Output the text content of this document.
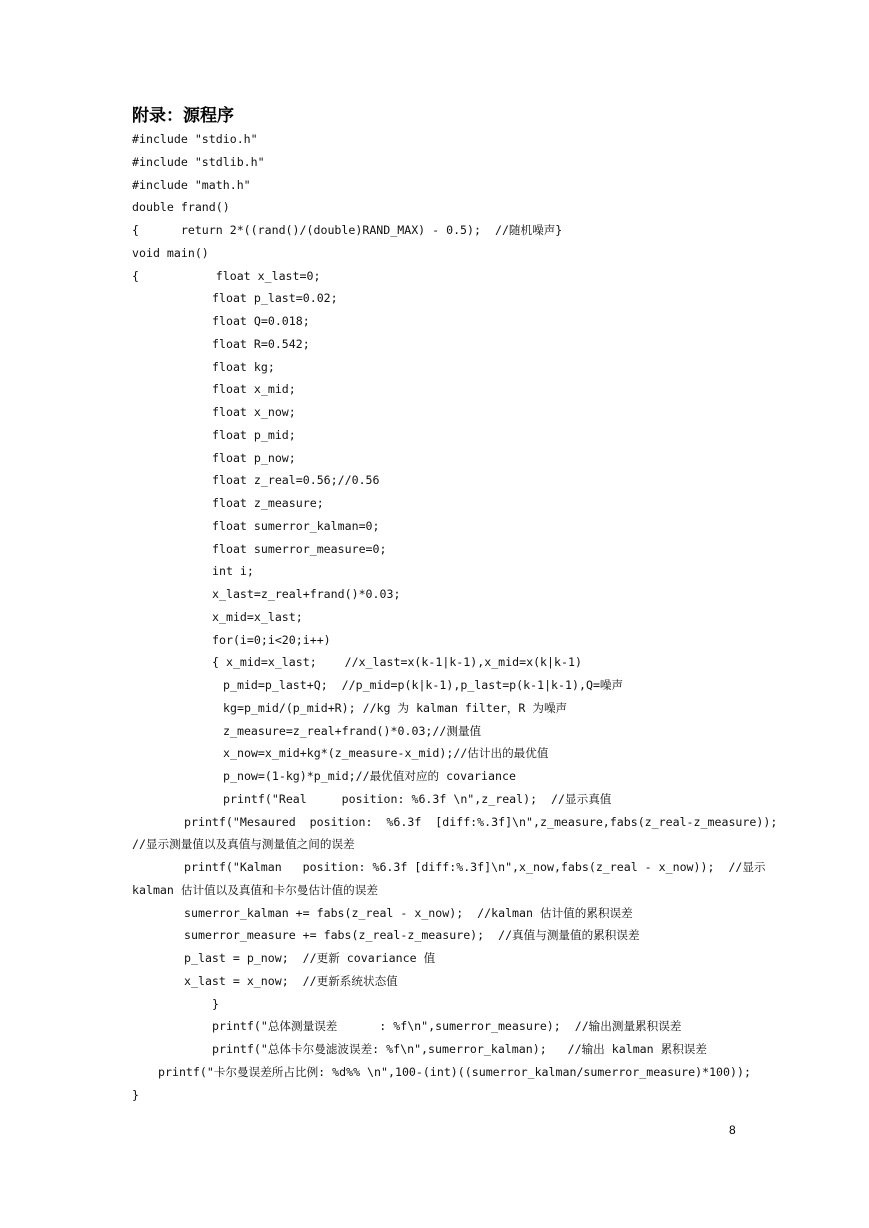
附录：源程序
#include "stdio.h"
#include "stdlib.h"
#include "math.h"
double frand()
{      return 2*((rand()/(double)RAND_MAX) - 0.5);  //随机噪声}
void main()
{           float x_last=0;
float p_last=0.02;
float Q=0.018;
float R=0.542;
float kg;
float x_mid;
float x_now;
float p_mid;
float p_now;
float z_real=0.56;//0.56
float z_measure;
float sumerror_kalman=0;
float sumerror_measure=0;
int i;
x_last=z_real+frand()*0.03;
x_mid=x_last;
for(i=0;i<20;i++)
{ x_mid=x_last;    //x_last=x(k-1|k-1),x_mid=x(k|k-1)
p_mid=p_last+Q;  //p_mid=p(k|k-1),p_last=p(k-1|k-1),Q=噪声
kg=p_mid/(p_mid+R); //kg 为 kalman filter，R 为噪声
z_measure=z_real+frand()*0.03;//测量值
x_now=x_mid+kg*(z_measure-x_mid);//估计出的最优值
p_now=(1-kg)*p_mid;//最优值对应的 covariance
printf("Real     position: %6.3f \n",z_real);  //显示真值
printf("Mesaured  position:  %6.3f  [diff:%.3f]\n",z_measure,fabs(z_real-z_measure));
//显示测量值以及真值与测量值之间的误差
printf("Kalman   position: %6.3f [diff:%.3f]\n",x_now,fabs(z_real - x_now));  //显示
kalman 估计值以及真值和卡尔曼估计值的误差
sumerror_kalman += fabs(z_real - x_now);  //kalman 估计值的累积误差
sumerror_measure += fabs(z_real-z_measure);  //真值与测量值的累积误差
p_last = p_now;  //更新 covariance 值
x_last = x_now;  //更新系统状态值
}
printf("总体测量误差      : %f\n",sumerror_measure);  //输出测量累积误差
printf("总体卡尔曼滤波误差: %f\n",sumerror_kalman);   //输出 kalman 累积误差
printf("卡尔曼误差所占比例: %d%% \n",100-(int)((sumerror_kalman/sumerror_measure)*100));
}
8
